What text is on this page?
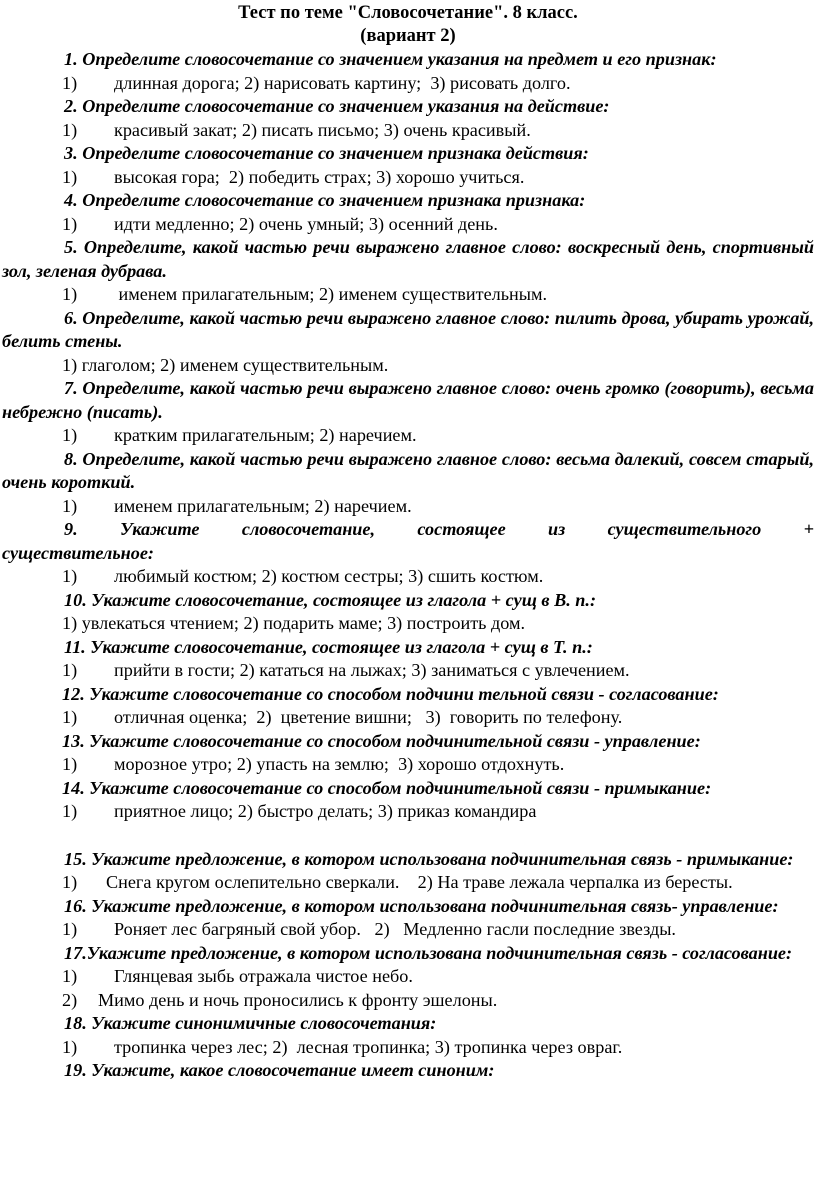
Тест по теме "Словосочетание". 8 класс.
(вариант 2)
1. Определите словосочетание со значением указания на предмет и его признак:
1) длинная дорога; 2) нарисовать картину;  3) рисовать долго.
2. Определите словосочетание со значением указания на действие:
1) красивый закат; 2) писать письмо; 3) очень красивый.
3. Определите словосочетание со значением признака действия:
1) высокая гора;  2) победить страх; 3) хорошо учиться.
4. Определите словосочетание со значением признака признака:
1) идти медленно; 2) очень умный; 3) осенний день.
5. Определите, какой частью речи выражено главное слово: воскресный день, спортивный зол, зеленая дубрава.
1) именем прилагательным; 2) именем существительным.
6. Определите, какой частью речи выражено главное слово: пилить дрова, убирать урожай, белить стены.
1) глаголом; 2) именем существительным.
7. Определите, какой частью речи выражено главное слово: очень громко (говорить), весьма небрежно (писать).
1) кратким прилагательным; 2) наречием.
8. Определите, какой частью речи выражено главное слово: весьма далекий, совсем старый, очень короткий.
1) именем прилагательным; 2) наречием.
9. Укажите словосочетание, состоящее из существительного + существительное:
1) любимый костюм; 2) костюм сестры; 3) сшить костюм.
10. Укажите словосочетание, состоящее из глагола + сущ в В. п.:
1) увлекаться чтением; 2) подарить маме; 3) построить дом.
11. Укажите словосочетание, состоящее из глагола + сущ в Т. п.:
1) прийти в гости; 2) кататься на лыжах; 3) заниматься с увлечением.
12. Укажите словосочетание со способом подчини тельной связи - согласование:
1) отличная оценка;  2)  цветение вишни;   3)  говорить по телефону.
13. Укажите словосочетание со способом подчинительной связи - управление:
1) морозное утро; 2) упасть на землю;  3) хорошо отдохнуть.
14. Укажите словосочетание со способом подчинительной связи - примыкание:
1) приятное лицо; 2) быстро делать; 3) приказ командира
15. Укажите предложение, в котором использована подчинительная связь - примыкание:
1) Снега кругом ослепительно сверкали.    2) На траве лежала черпалка из бересты.
16. Укажите предложение, в котором использована подчинительная связь- управление:
1) Роняет лес багряный свой убор.   2)   Медленно гасли последние звезды.
17.Укажите предложение, в котором использована подчинительная связь - согласование:
1) Глянцевая зыбь отражала чистое небо.
2) Мимо день и ночь проносились к фронту эшелоны.
18. Укажите синонимичные словосочетания:
1) тропинка через лес; 2)  лесная тропинка; 3) тропинка через овраг.
19. Укажите, какое словосочетание имеет синоним:
